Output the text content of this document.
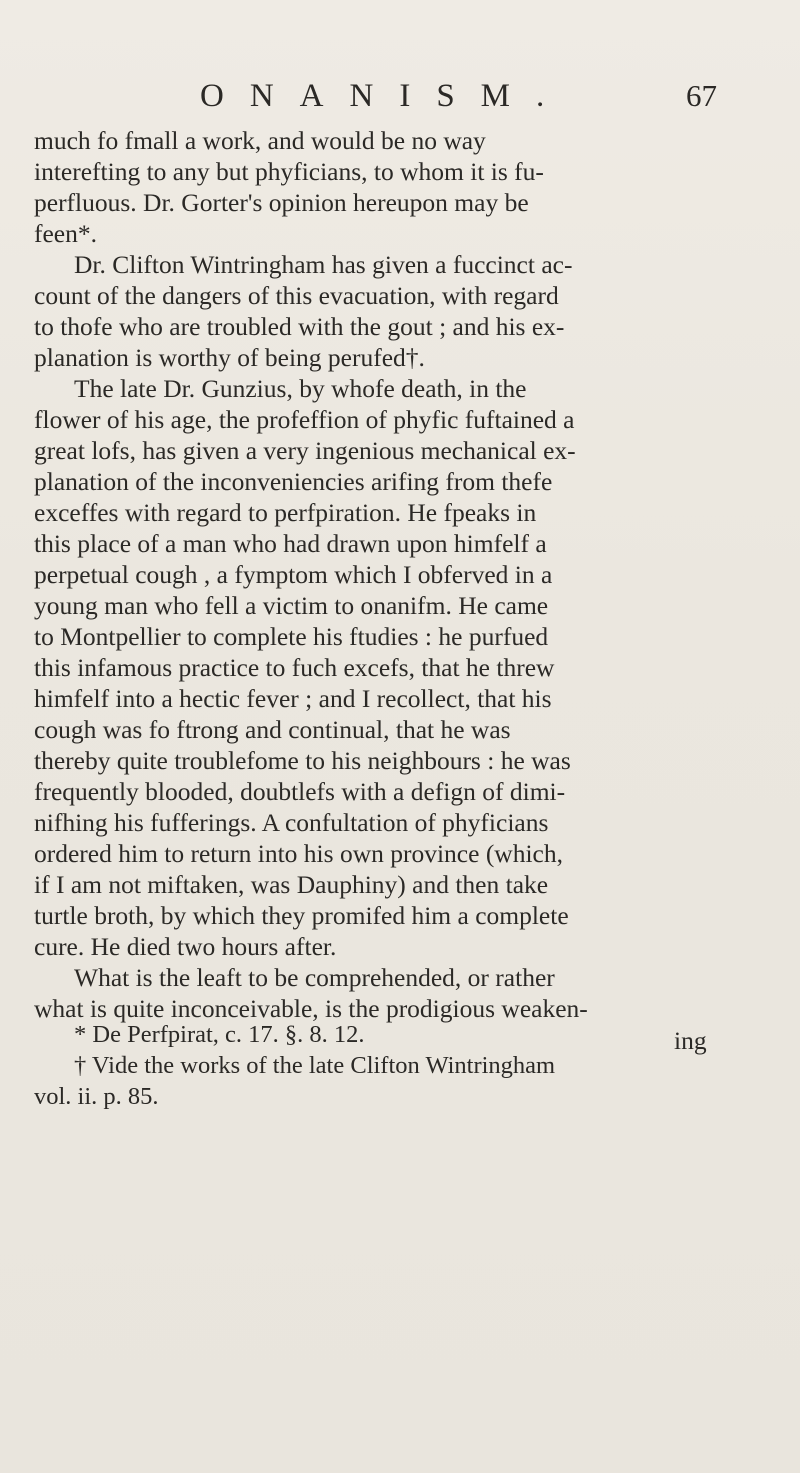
ONANISM.	67
much fo fmall a work, and would be no way
interefting to any but phyficians, to whom it is fu-
perfluous. Dr. Gorter's opinion hereupon may be
feen*.
Dr. Clifton Wintringham has given a fuccinct ac-
count of the dangers of this evacuation, with regard
to thofe who are troubled with the gout ; and his ex-
planation is worthy of being perufed†.
The late Dr. Gunzius, by whofe death, in the
flower of his age, the profeffion of phyfic fuftained a
great lofs, has given a very ingenious mechanical ex-
planation of the inconveniencies arifing from thefe
exceffes with regard to perfpiration. He fpeaks in
this place of a man who had drawn upon himfelf a
perpetual cough , a fymptom which I obferved in a
young man who fell a victim to onanifm. He came
to Montpellier to complete his ftudies : he purfued
this infamous practice to fuch excefs, that he threw
himfelf into a hectic fever ; and I recollect, that his
cough was fo ftrong and continual, that he was
thereby quite troublefome to his neighbours : he was
frequently blooded, doubtlefs with a defign of dimi-
nifhing his fufferings. A confultation of phyficians
ordered him to return into his own province (which,
if I am not miftaken, was Dauphiny) and then take
turtle broth, by which they promifed him a complete
cure. He died two hours after.
What is the leaft to be comprehended, or rather
what is quite inconceivable, is the prodigious weaken-
ing
* De Perfpirat, c. 17. §. 8. 12.
† Vide the works of the late Clifton Wintringham
vol. ii. p. 85.
